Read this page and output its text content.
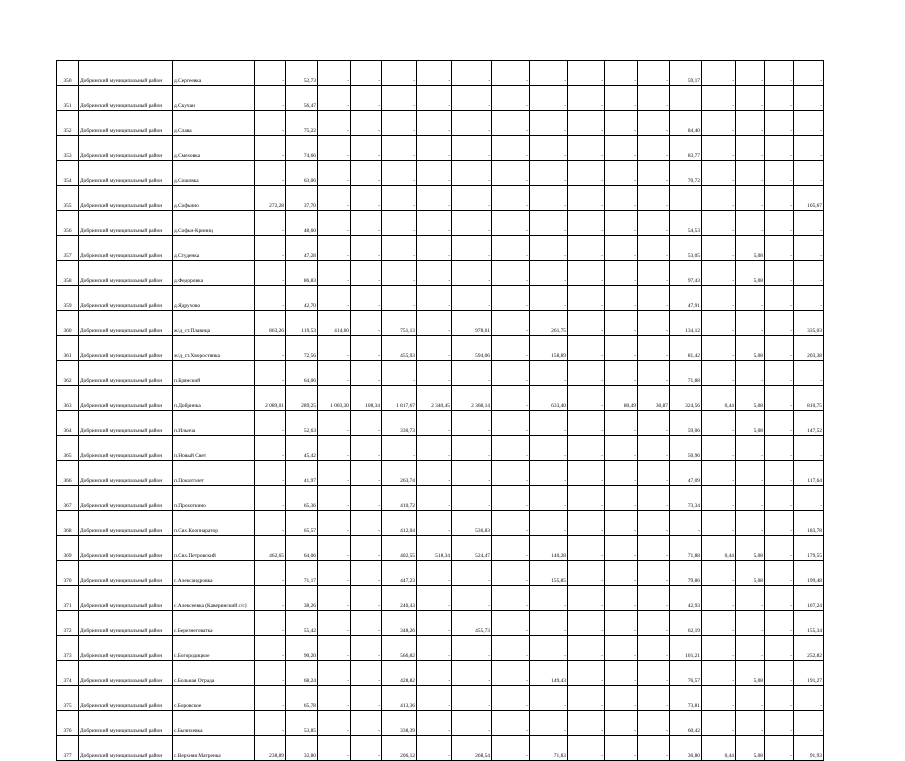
350	Добринский муниципальный район	д.Сергеевка	-	52,73	-	-	-	-	-	-	-	-	-	-	59,17	-	-	-	-
351	Добринский муниципальный район	д.Скучан	-	56,47	-	-	-	-	-	-	-	-	-	-		-	-	-	-
352	Добринский муниципальный район	д.Слава	-	75,22	-	-	-	-	-	-	-	-	-	-	84,40	-	-	-	-
353	Добринский муниципальный район	д.Смеховка	-	74,66	-	-	-	-	-	-	-	-	-	-	83,77	-	-	-	-
354	Добринский муниципальный район	д.Сошовка	-	63,06	-	-	-	-	-	-	-	-	-	-	70,72	-	-	-	-
355	Добринский муниципальный район	д.Софьино	272,28	37,70	-	-	-	-	-	-	-	-	-	-		-	-	-	105,67
356	Добринский муниципальный район	д.Софьи-Криниц	-	48,60	-	-	-	-	-	-	-	-	-	-	54,53	-	-	-	-
357	Добринский муниципальный район	д.Студенка	-	47,28	-	-	-	-	-	-	-	-	-	-	53,05	-	5,08	-	-
358	Добринский муниципальный район	д.Федоровка	-	86,83	-	-	-	-	-	-	-	-	-	-	97,43	-	5,08	-	-
359	Добринский муниципальный район	д.Ядрухово	-	42,70	-	-	-	-	-	-	-	-	-	-	47,91	-	-	-	-
360	Добринский муниципальный район	ж/д_ст.Плавица	863,26	119,53	414,60	-	751,13	-	978,61	-	261,75	-	-	-	134,12	-	-	-	335,03
361	Добринский муниципальный район	ж/д_ст.Хворостянка	-	72,56	-	-	455,93	-	594,06	-	158,89	-	-	-	81,42	-	5,08	-	203,38
362	Добринский муниципальный район	п.Брянский	-	64,06	-	-	-	-	-	-	-	-	-	-	71,88	-	-	-	-
363	Добринский муниципальный район	п.Добринка	2 089,01	289,25	1 003,30	108,34	1 817,67	2 340,45	2 368,14	-	633,40	-	80,49	30,87	324,56	0,44	5,08	-	810,75
364	Добринский муниципальный район	п.Ильича	-	52,63	-	-	330,73	-	-	-	-	-	-	-	59,06	-	5,08	-	147,52
365	Добринский муниципальный район	п.Новый Свет	-	45,42	-	-	-	-	-	-	-	-	-	-	50,96	-	-	-	-
366	Добринский муниципальный район	п.Показтэлет	-	41,97	-	-	263,74	-	-	-	-	-	-	-	47,09	-	-	-	117,64
367	Добринский муниципальный район	п.Прохоткино	-	65,36	-	-	410,72	-	-	-	-	-	-	-	73,34	-	-	-	-
368	Добринский муниципальный район	п.Свх.Коопнаратор	-	65,57	-	-	412,04	-	536,83	-	-	-	-	-	-	-	-	-	183,78
369	Добринский муниципальный район	п.Свх.Петровский	462,65	64,06	-	-	402,55	518,34	524,47	-	140,28	-	-	-	71,88	0,44	5,08	-	179,55
370	Добринский муниципальный район	с.Александровка	-	71,17	-	-	447,23	-	-	-	155,85	-	-	-	79,86	-	5,08	-	199,48
371	Добринский муниципальный район	с.Алексеевка (Каверинский с/с)	-	38,26	-	-	240,43	-	-	-	-	-	-	-	42,93	-	-	-	107,24
372	Добринский муниципальный район	с.Березнеговатка	-	55,42	-	-	348,26	-	455,73	-	-	-	-	-	62,19	-	-	-	155,34
373	Добринский муниципальный район	с.Богородицкое	-	90,20	-	-	566,82	-	-	-	-	-	-	-	101,21	-	-	-	252,82
374	Добринский муниципальный район	с.Больная Отрада	-	68,24	-	-	428,82	-	-	-	149,43	-	-	-	76,57	-	5,08	-	191,27
375	Добринский муниципальный район	с.Боровское	-	65,78	-	-	413,36	-	-	-	-	-	-	-	73,81	-	-	-	-
376	Добринский муниципальный район	с.Бычихевка	-	53,85	-	-	338,39	-	-	-	-	-	-	-	60,42	-	-	-	-
377	Добринский муниципальный район	с.Верхняя Матренка	238,89	32,80	-	-	206,12	-	268,54	-	71,83	-	-	-	36,80	0,44	5,08	-	91,93
